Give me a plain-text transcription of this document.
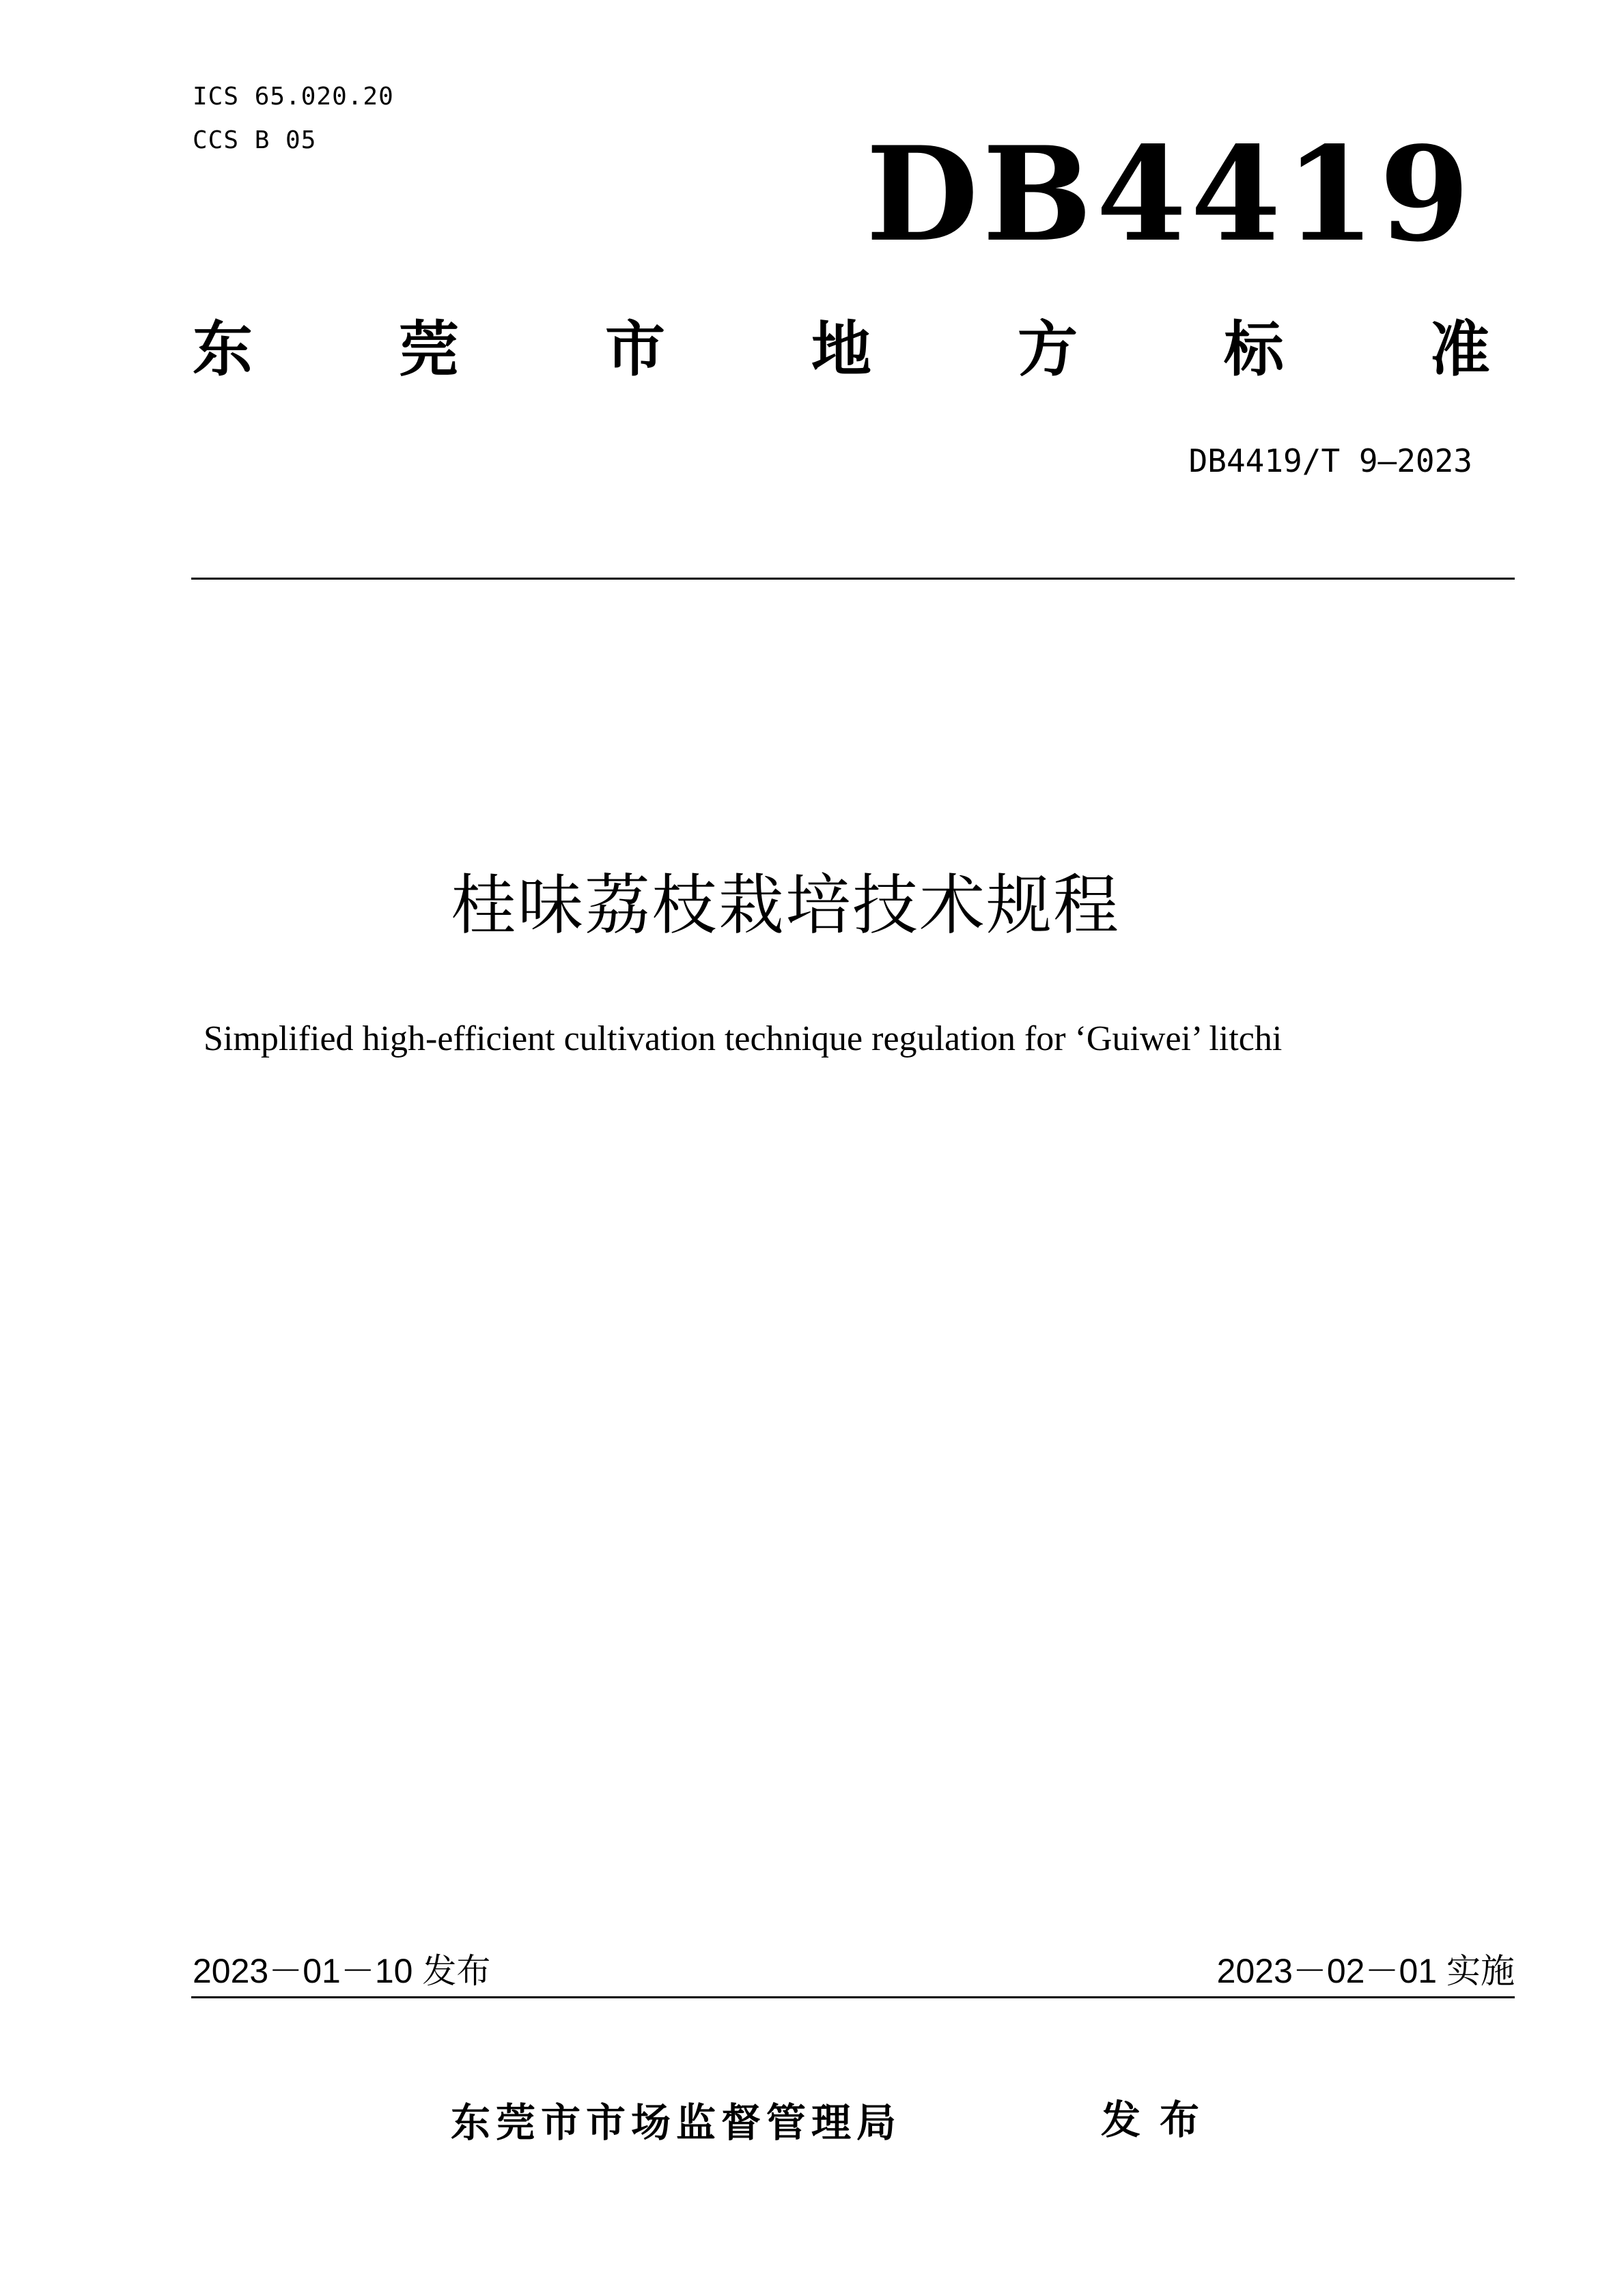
ICS 65.020.20
CCS B 05	DB4419
东 莞 市 地 方 标 准
DB4419/T 9—2023
桂味荔枝栽培技术规程
Simplified high-efficient cultivation technique regulation for ‘Guiwei’ litchi
2023－01－10 发布	2023－02－01 实施
东莞市市场监督管理局	发布
